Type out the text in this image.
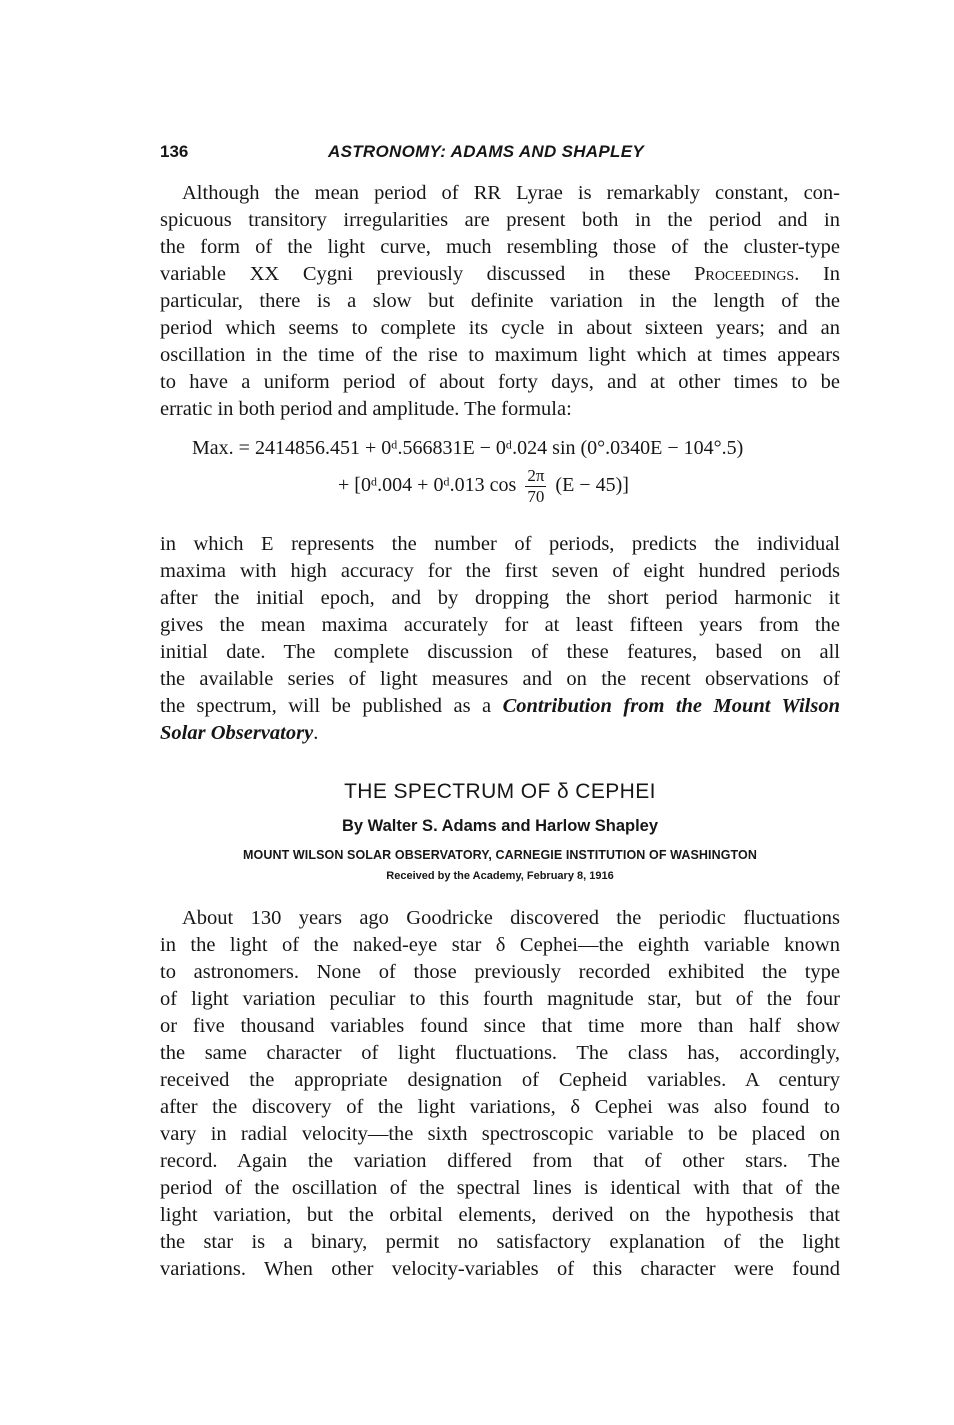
136	ASTRONOMY: ADAMS AND SHAPLEY
Although the mean period of RR Lyrae is remarkably constant, con-
spicuous transitory irregularities are present both in the period and in
the form of the light curve, much resembling those of the cluster-type
variable XX Cygni previously discussed in these Proceedings. In
particular, there is a slow but definite variation in the length of the
period which seems to complete its cycle in about sixteen years; and an
oscillation in the time of the rise to maximum light which at times appears
to have a uniform period of about forty days, and at other times to be
erratic in both period and amplitude. The formula:
Max. = 2414856.451 + 0ᵈ.566831E − 0ᵈ.024 sin (0°.0340E − 104°.5)
+ [0ᵈ.004 + 0ᵈ.013 $\cos \frac{2\pi}{70} (E - 45)$]
in which E represents the number of periods, predicts the individual
maxima with high accuracy for the first seven of eight hundred periods
after the initial epoch, and by dropping the short period harmonic it
gives the mean maxima accurately for at least fifteen years from the
initial date. The complete discussion of these features, based on all
the available series of light measures and on the recent observations of
the spectrum, will be published as a Contribution from the Mount Wilson
Solar Observatory.
THE SPECTRUM OF δ CEPHEI
By Walter S. Adams and Harlow Shapley
MOUNT WILSON SOLAR OBSERVATORY, CARNEGIE INSTITUTION OF WASHINGTON
Received by the Academy, February 8, 1916
About 130 years ago Goodricke discovered the periodic fluctuations
in the light of the naked-eye star δ Cephei—the eighth variable known
to astronomers. None of those previously recorded exhibited the type
of light variation peculiar to this fourth magnitude star, but of the four
or five thousand variables found since that time more than half show
the same character of light fluctuations. The class has, accordingly,
received the appropriate designation of Cepheid variables. A century
after the discovery of the light variations, δ Cephei was also found to
vary in radial velocity—the sixth spectroscopic variable to be placed on
record. Again the variation differed from that of other stars. The
period of the oscillation of the spectral lines is identical with that of the
light variation, but the orbital elements, derived on the hypothesis that
the star is a binary, permit no satisfactory explanation of the light
variations. When other velocity-variables of this character were found
